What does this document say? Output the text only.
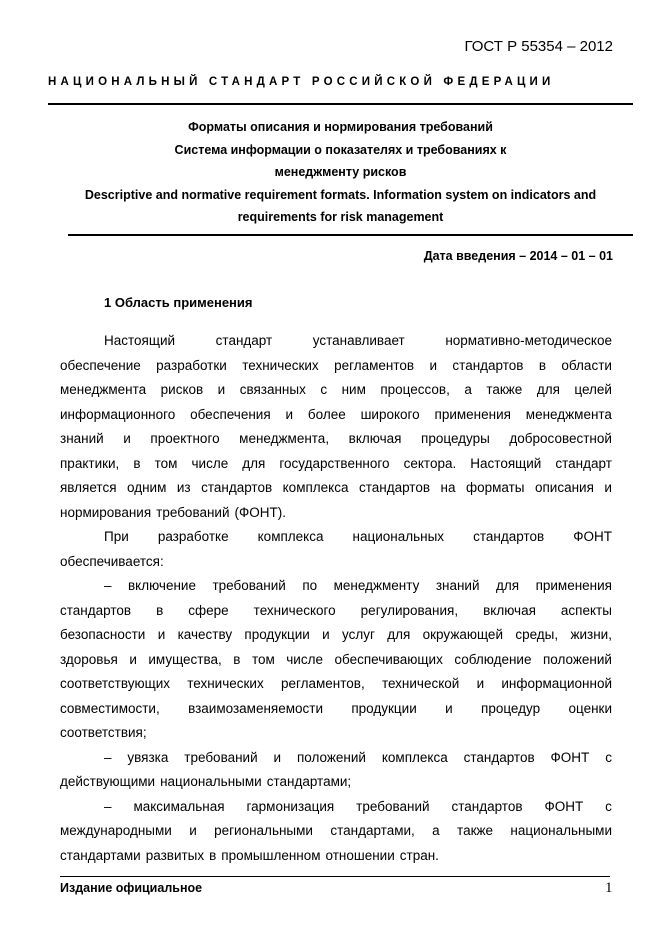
ГОСТ Р 55354 – 2012
НАЦИОНАЛЬНЫЙ СТАНДАРТ РОССИЙСКОЙ ФЕДЕРАЦИИ
Форматы описания и нормирования требований
Система информации о показателях и требованиях к
менеджменту рисков
Descriptive and normative requirement formats. Information system on indicators and
requirements for risk management
Дата введения – 2014 – 01 – 01
1 Область применения
Настоящий	стандарт	устанавливает	нормативно-методическое
обеспечение разработки технических регламентов и стандартов в области
менеджмента рисков и связанных с ним процессов, а также для целей
информационного обеспечения и более широкого применения менеджмента
знаний и проектного менеджмента, включая процедуры добросовестной
практики, в том числе для государственного сектора. Настоящий стандарт
является одним из стандартов комплекса стандартов на форматы описания и
нормирования требований (ФОНТ).
При разработке комплекса национальных стандартов ФОНТ
обеспечивается:
– включение требований по менеджменту знаний для применения
стандартов в сфере технического регулирования, включая аспекты
безопасности и качеству продукции и услуг для окружающей среды, жизни,
здоровья и имущества, в том числе обеспечивающих соблюдение положений
соответствующих технических регламентов, технической и информационной
совместимости, взаимозаменяемости продукции и процедур оценки
соответствия;
– увязка требований и положений комплекса стандартов ФОНТ с
действующими национальными стандартами;
– максимальная гармонизация требований стандартов ФОНТ с
международными и региональными стандартами, а также национальными
стандартами развитых в промышленном отношении стран.
Издание официальное	1
